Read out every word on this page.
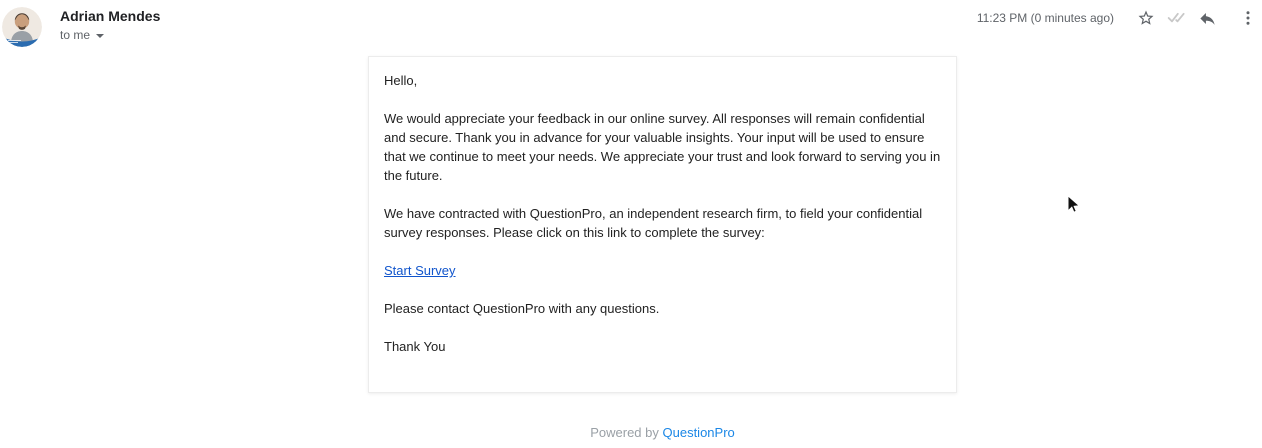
Adrian Mendes
to me
11:23 PM (0 minutes ago)

Hello,

We would appreciate your feedback in our online survey. All responses will remain confidential and secure. Thank you in advance for your valuable insights. Your input will be used to ensure that we continue to meet your needs. We appreciate your trust and look forward to serving you in the future.

We have contracted with QuestionPro, an independent research firm, to field your confidential survey responses. Please click on this link to complete the survey:

Start Survey

Please contact QuestionPro with any questions.

Thank You

Powered by QuestionPro
